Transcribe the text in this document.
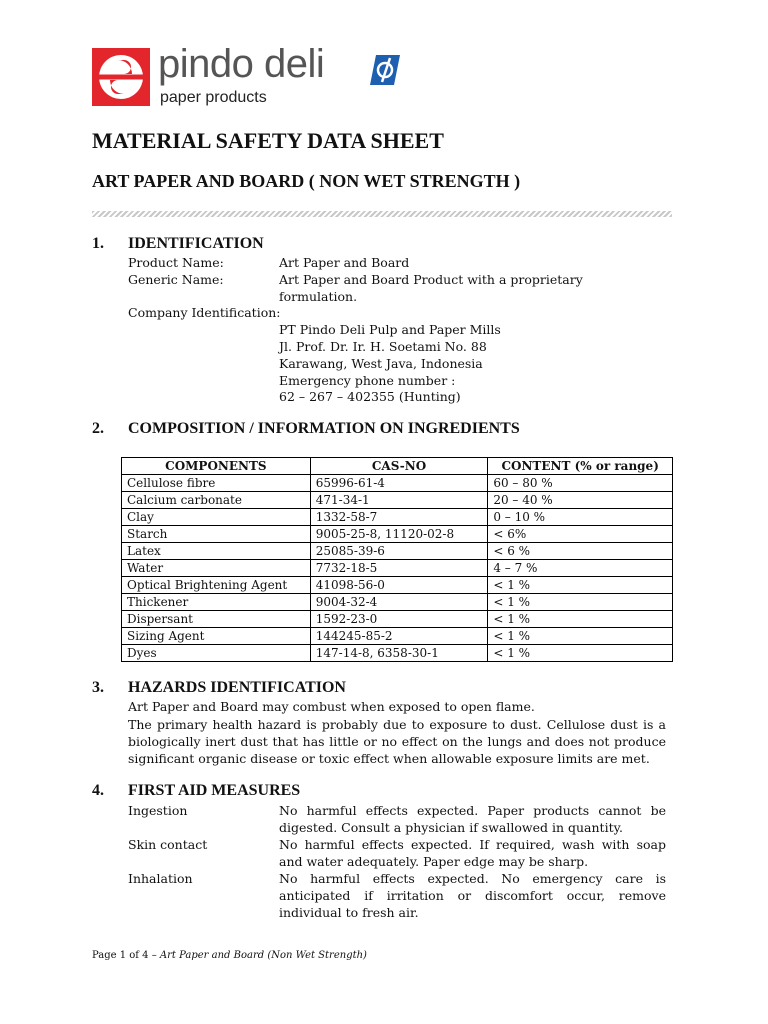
pindo deli
paper products
MATERIAL SAFETY DATA SHEET
ART PAPER AND BOARD ( NON WET STRENGTH )
1. IDENTIFICATION
Product Name:	Art Paper and Board
Generic Name:	Art Paper and Board Product with a proprietary
formulation.
Company Identification:
PT Pindo Deli Pulp and Paper Mills
Jl. Prof. Dr. Ir. H. Soetami No. 88
Karawang, West Java, Indonesia
Emergency phone number :
62 – 267 – 402355 (Hunting)
2. COMPOSITION / INFORMATION ON INGREDIENTS
COMPONENTS	CAS-NO	CONTENT (% or range)
Cellulose fibre	65996-61-4	60 – 80 %
Calcium carbonate	471-34-1	20 – 40 %
Clay	1332-58-7	0 – 10 %
Starch	9005-25-8, 11120-02-8	< 6%
Latex	25085-39-6	< 6 %
Water	7732-18-5	4 – 7 %
Optical Brightening Agent	41098-56-0	< 1 %
Thickener	9004-32-4	< 1 %
Dispersant	1592-23-0	< 1 %
Sizing Agent	144245-85-2	< 1 %
Dyes	147-14-8, 6358-30-1	< 1 %
3. HAZARDS IDENTIFICATION
Art Paper and Board may combust when exposed to open flame.

The primary health hazard is probably due to exposure to dust. Cellulose dust is a biologically inert dust that has little or no effect on the lungs and does not produce significant organic disease or toxic effect when allowable exposure limits are met.

4. FIRST AID MEASURES
Ingestion	No harmful effects expected. Paper products cannot be digested. Consult a physician if swallowed in quantity.

Skin contact	No harmful effects expected. If required, wash with soap and water adequately. Paper edge may be sharp.

Inhalation	No harmful effects expected. No emergency care is anticipated if irritation or discomfort occur, remove individual to fresh air.

Page 1 of 4 – Art Paper and Board (Non Wet Strength)
